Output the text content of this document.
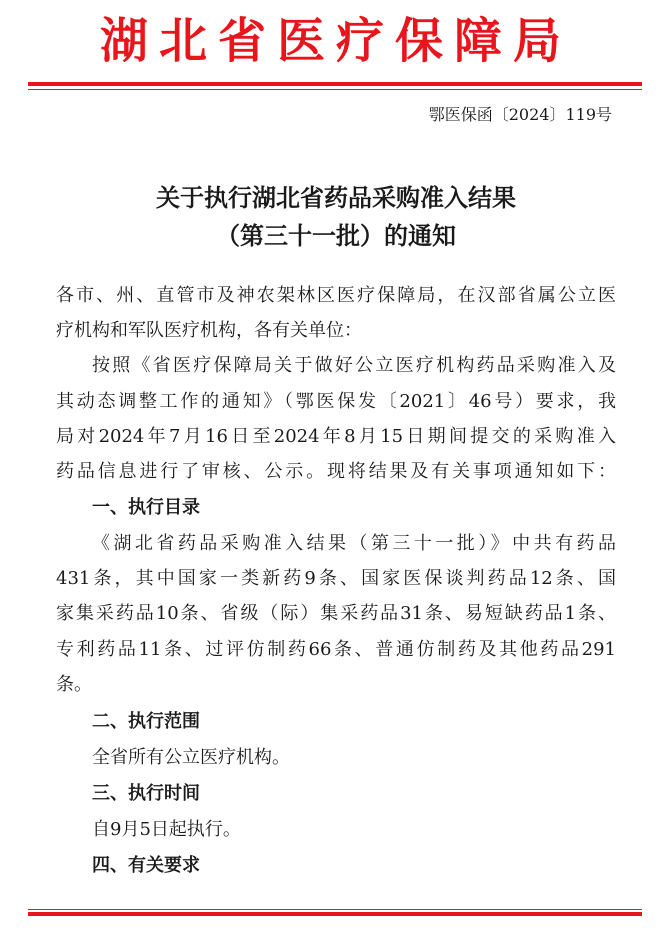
湖北省医疗保障局
鄂医保函〔2024〕119号
关于执行湖北省药品采购准入结果
（第三十一批）的通知
各市、州、直管市及神农架林区医疗保障局，在汉部省属公立医
疗机构和军队医疗机构，各有关单位：
按照《省医疗保障局关于做好公立医疗机构药品采购准入及
其动态调整工作的通知》（鄂医保发〔2021〕46号）要求，我
局对2024年7月16日至2024年8月15日期间提交的采购准入
药品信息进行了审核、公示。现将结果及有关事项通知如下：
一、执行目录
《湖北省药品采购准入结果（第三十一批）》中共有药品
431条，其中国家一类新药9条、国家医保谈判药品12条、国
家集采药品10条、省级（际）集采药品31条、易短缺药品1条、
专利药品11条、过评仿制药66条、普通仿制药及其他药品291
条。
二、执行范围
全省所有公立医疗机构。
三、执行时间
自9月5日起执行。
四、有关要求
